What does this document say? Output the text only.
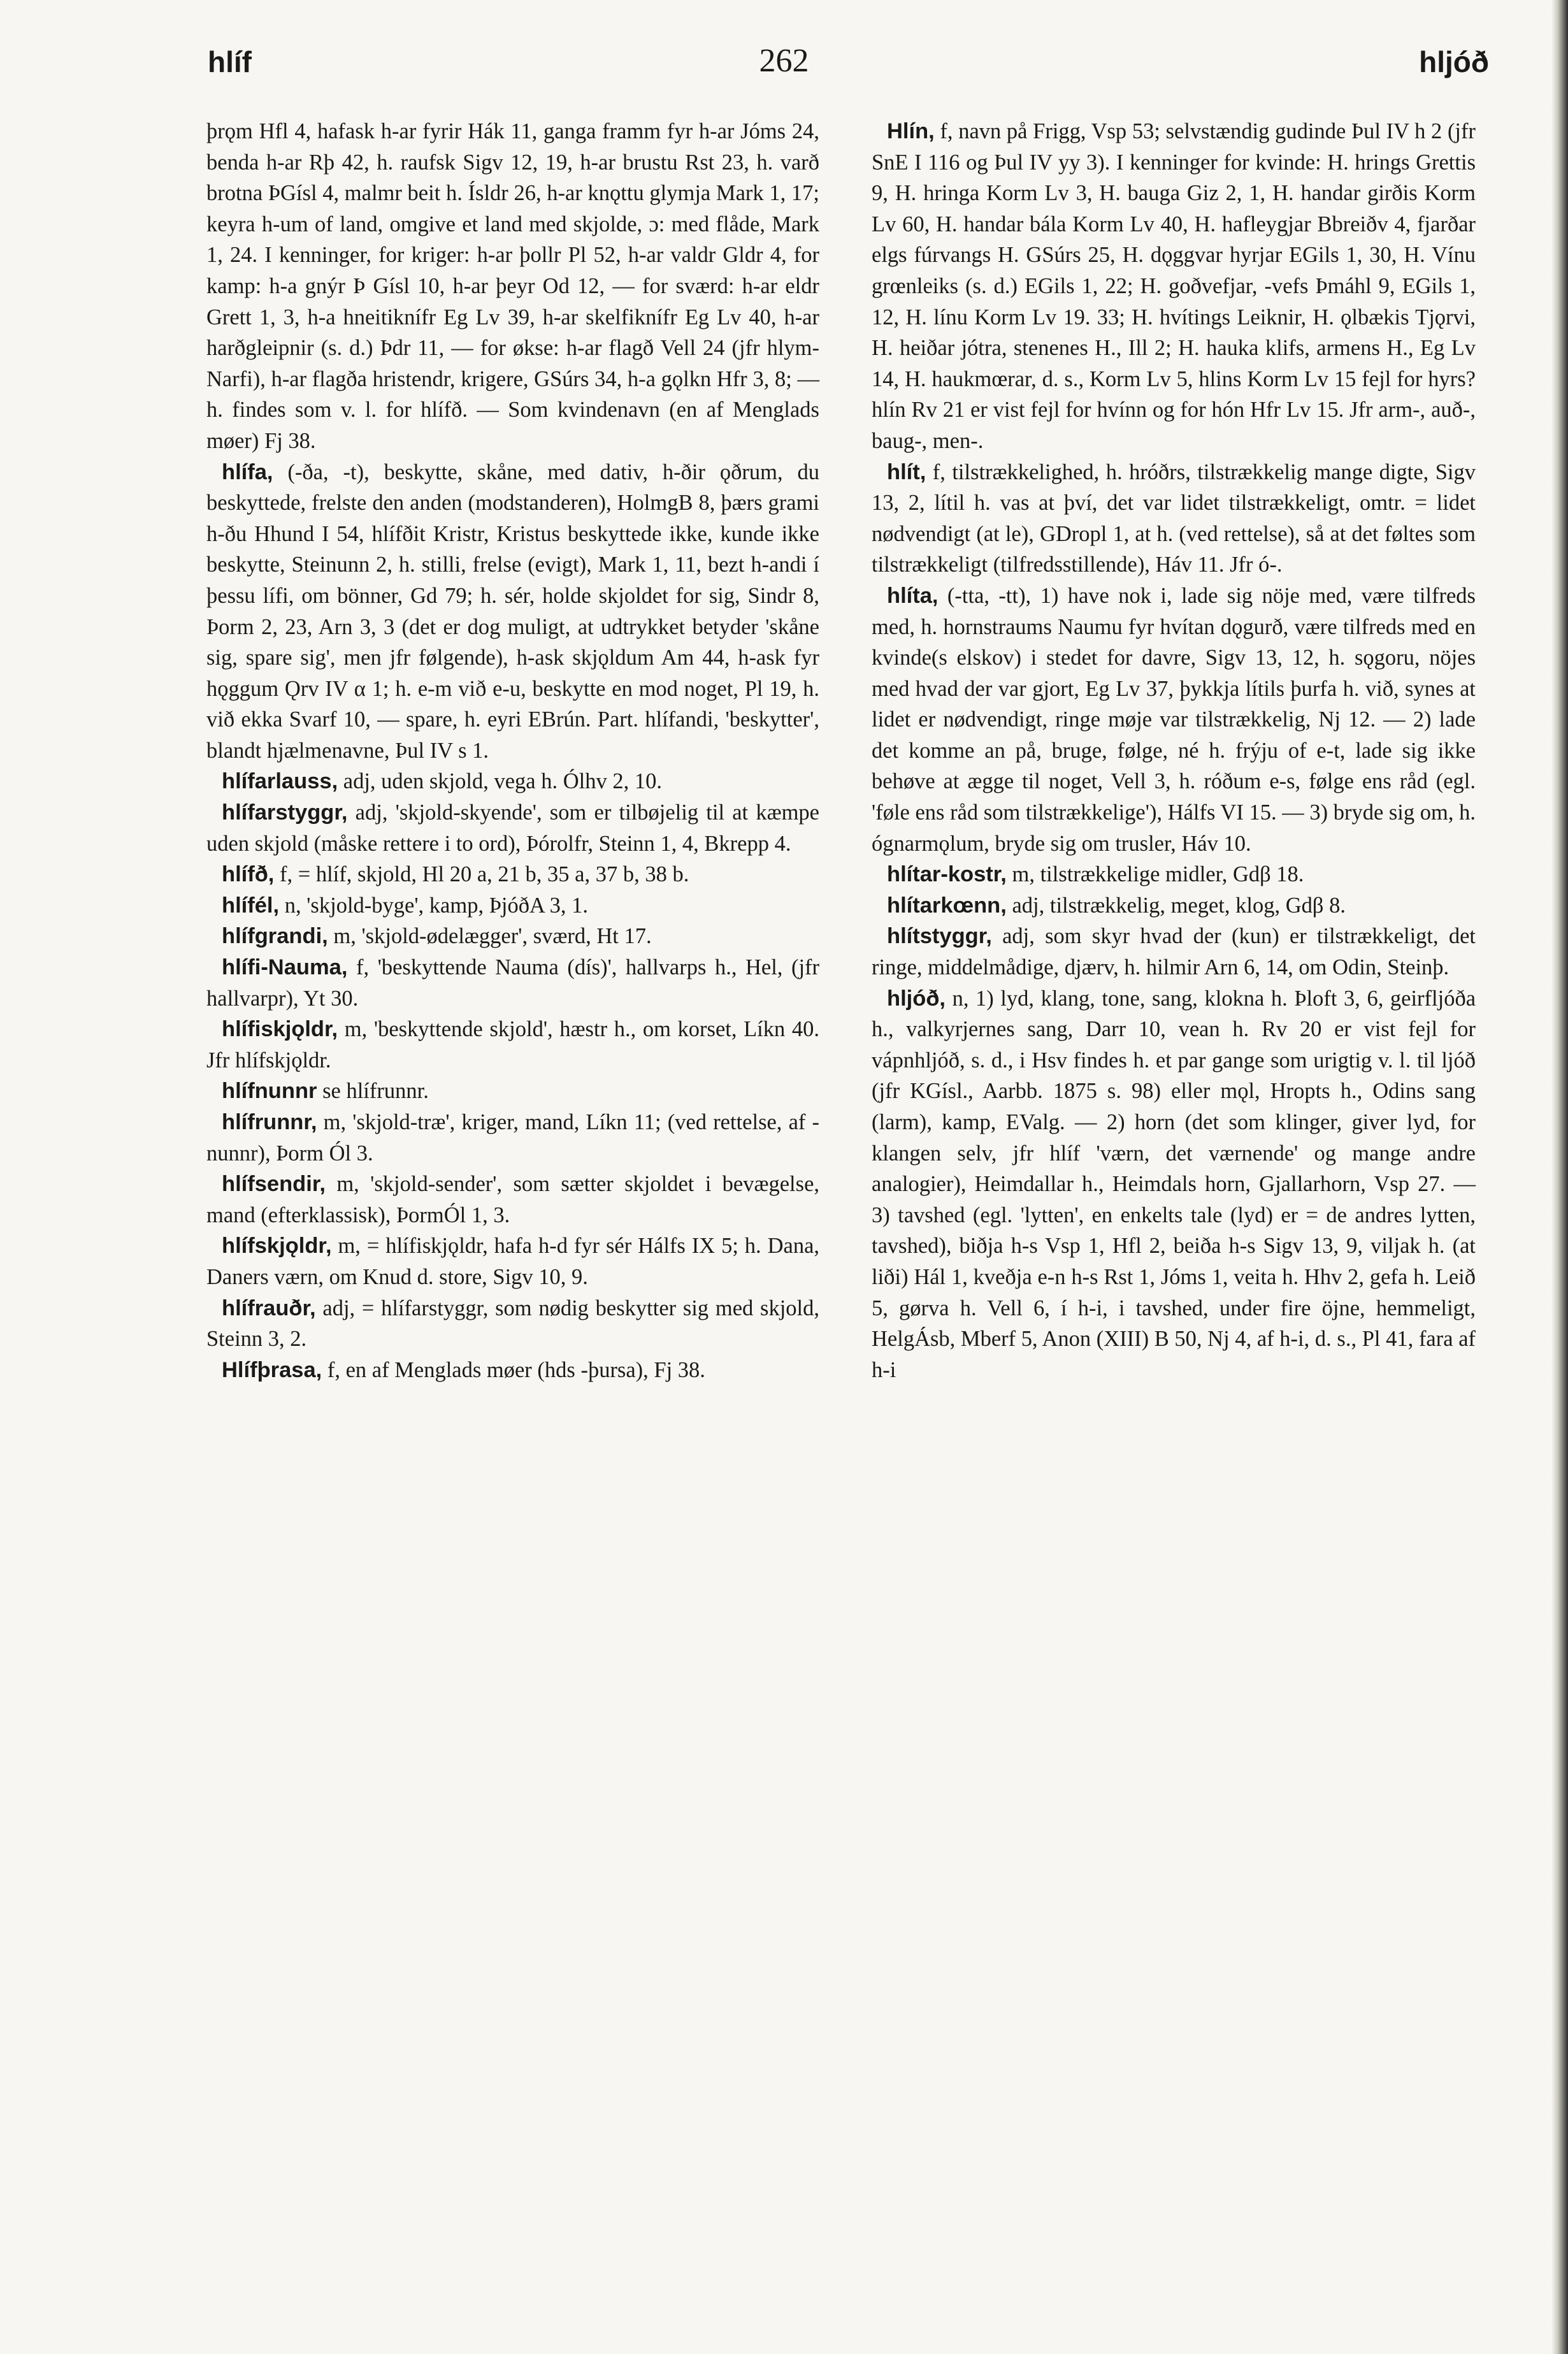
hlíf	262	hljóð

þrǫm Hfl 4, hafask h-ar fyrir Hák 11, ganga framm fyr h-ar Jóms 24, benda h-ar Rþ 42, h. raufsk Sigv 12, 19, h-ar brustu Rst 23, h. varð brotna ÞGísl 4, malmr beit h. Ísldr 26, h-ar knǫttu glymja Mark 1, 17; keyra h-um of land, omgive et land med skjolde, ɔ: med flåde, Mark 1, 24. I kenninger, for kriger: h-ar þollr Pl 52, h-ar valdr Gldr 4, for kamp: h-a gnýr Þ Gísl 10, h-ar þeyr Od 12, — for sværd: h-ar eldr Grett 1, 3, h-a hneitiknífr Eg Lv 39, h-ar skelfiknífr Eg Lv 40, h-ar harðgleipnir (s. d.) Þdr 11, — for økse: h-ar flagð Vell 24 (jfr hlym-Narfi), h-ar flagða hristendr, krigere, GSúrs 34, h-a gǫlkn Hfr 3, 8; — h. findes som v. l. for hlífð. — Som kvindenavn (en af Menglads møer) Fj 38.

hlífa, (-ða, -t), beskytte, skåne, med dativ, h-ðir ǫðrum, du beskyttede, frelste den anden (modstanderen), HolmgB 8, þærs grami h-ðu Hhund I 54, hlífðit Kristr, Kristus beskyttede ikke, kunde ikke beskytte, Steinunn 2, h. stilli, frelse (evigt), Mark 1, 11, bezt h-andi í þessu lífi, om bönner, Gd 79; h. sér, holde skjoldet for sig, Sindr 8, Þorm 2, 23, Arn 3, 3 (det er dog muligt, at udtrykket betyder 'skåne sig, spare sig', men jfr følgende), h-ask skjǫldum Am 44, h-ask fyr hǫggum Ǫrv IV α 1; h. e-m við e-u, beskytte en mod noget, Pl 19, h. við ekka Svarf 10, — spare, h. eyri EBrún. Part. hlífandi, 'beskytter', blandt hjælmenavne, Þul IV s 1.

hlífarlauss, adj, uden skjold, vega h. Ólhv 2, 10.

hlífarstyggr, adj, 'skjold-skyende', som er tilbøjelig til at kæmpe uden skjold (måske rettere i to ord), Þórolfr, Steinn 1, 4, Bkrepp 4.

hlífð, f, = hlíf, skjold, Hl 20 a, 21 b, 35 a, 37 b, 38 b.

hlífél, n, 'skjold-byge', kamp, ÞjóðA 3, 1.

hlífgrandi, m, 'skjold-ødelægger', sværd, Ht 17.

hlífi-Nauma, f, 'beskyttende Nauma (dís)', hallvarps h., Hel, (jfr hallvarpr), Yt 30.

hlífiskjǫldr, m, 'beskyttende skjold', hæstr h., om korset, Líkn 40. Jfr hlífskjǫldr.

hlífnunnr se hlífrunnr.

hlífrunnr, m, 'skjold-træ', kriger, mand, Líkn 11; (ved rettelse, af -nunnr), Þorm Ól 3.

hlífsendir, m, 'skjold-sender', som sætter skjoldet i bevægelse, mand (efterklassisk), ÞormÓl 1, 3.

hlífskjǫldr, m, = hlífiskjǫldr, hafa h-d fyr sér Hálfs IX 5; h. Dana, Daners værn, om Knud d. store, Sigv 10, 9.

hlífrauðr, adj, = hlífarstyggr, som nødig beskytter sig med skjold, Steinn 3, 2.

Hlífþrasa, f, en af Menglads møer (hds -þursa), Fj 38.

Hlín, f, navn på Frigg, Vsp 53; selvstændig gudinde Þul IV h 2 (jfr SnE I 116 og Þul IV yy 3). I kenninger for kvinde: H. hrings Grettis 9, H. hringa Korm Lv 3, H. bauga Giz 2, 1, H. handar girðis Korm Lv 60, H. handar bála Korm Lv 40, H. hafleygjar Bbreiðv 4, fjarðar elgs fúrvangs H. GSúrs 25, H. dǫggvar hyrjar EGils 1, 30, H. Vínu grœnleiks (s. d.) EGils 1, 22; H. goðvefjar, -vefs Þmáhl 9, EGils 1, 12, H. línu Korm Lv 19. 33; H. hvítings Leiknir, H. ǫlbækis Tjǫrvi, H. heiðar jótra, stenenes H., Ill 2; H. hauka klifs, armens H., Eg Lv 14, H. haukmœrar, d. s., Korm Lv 5, hlins Korm Lv 15 fejl for hyrs? hlín Rv 21 er vist fejl for hvínn og for hón Hfr Lv 15. Jfr arm-, auð-, baug-, men-.

hlít, f, tilstrækkelighed, h. hróðrs, tilstrækkelig mange digte, Sigv 13, 2, lítil h. vas at því, det var lidet tilstrækkeligt, omtr. = lidet nødvendigt (at le), GDropl 1, at h. (ved rettelse), så at det føltes som tilstrækkeligt (tilfredsstillende), Háv 11. Jfr ó-.

hlíta, (-tta, -tt), 1) have nok i, lade sig nöje med, være tilfreds med, h. hornstraums Naumu fyr hvítan dǫgurð, være tilfreds med en kvinde(s elskov) i stedet for davre, Sigv 13, 12, h. sǫgoru, nöjes med hvad der var gjort, Eg Lv 37, þykkja lítils þurfa h. við, synes at lidet er nødvendigt, ringe møje var tilstrækkelig, Nj 12. — 2) lade det komme an på, bruge, følge, né h. frýju of e-t, lade sig ikke behøve at ægge til noget, Vell 3, h. róðum e-s, følge ens råd (egl. 'føle ens råd som tilstrækkelige'), Hálfs VI 15. — 3) bryde sig om, h. ógnarmǫlum, bryde sig om trusler, Háv 10.

hlítar-kostr, m, tilstrækkelige midler, Gdβ 18.

hlítarkœnn, adj, tilstrækkelig, meget, klog, Gdβ 8.

hlítstyggr, adj, som skyr hvad der (kun) er tilstrækkeligt, det ringe, middelmådige, djærv, h. hilmir Arn 6, 14, om Odin, Steinþ.

hljóð, n, 1) lyd, klang, tone, sang, klokna h. Þloft 3, 6, geirfljóða h., valkyrjernes sang, Darr 10, vean h. Rv 20 er vist fejl for vápnhljóð, s. d., i Hsv findes h. et par gange som urigtig v. l. til ljóð (jfr KGísl., Aarbb. 1875 s. 98) eller mǫl, Hropts h., Odins sang (larm), kamp, EValg. — 2) horn (det som klinger, giver lyd, for klangen selv, jfr hlíf 'værn, det værnende' og mange andre analogier), Heimdallar h., Heimdals horn, Gjallarhorn, Vsp 27. — 3) tavshed (egl. 'lytten', en enkelts tale (lyd) er = de andres lytten, tavshed), biðja h-s Vsp 1, Hfl 2, beiða h-s Sigv 13, 9, viljak h. (at liði) Hál 1, kveðja e-n h-s Rst 1, Jóms 1, veita h. Hhv 2, gefa h. Leið 5, gørva h. Vell 6, í h-i, i tavshed, under fire öjne, hemmeligt, HelgÁsb, Mberf 5, Anon (XIII) B 50, Nj 4, af h-i, d. s., Pl 41, fara af h-i
